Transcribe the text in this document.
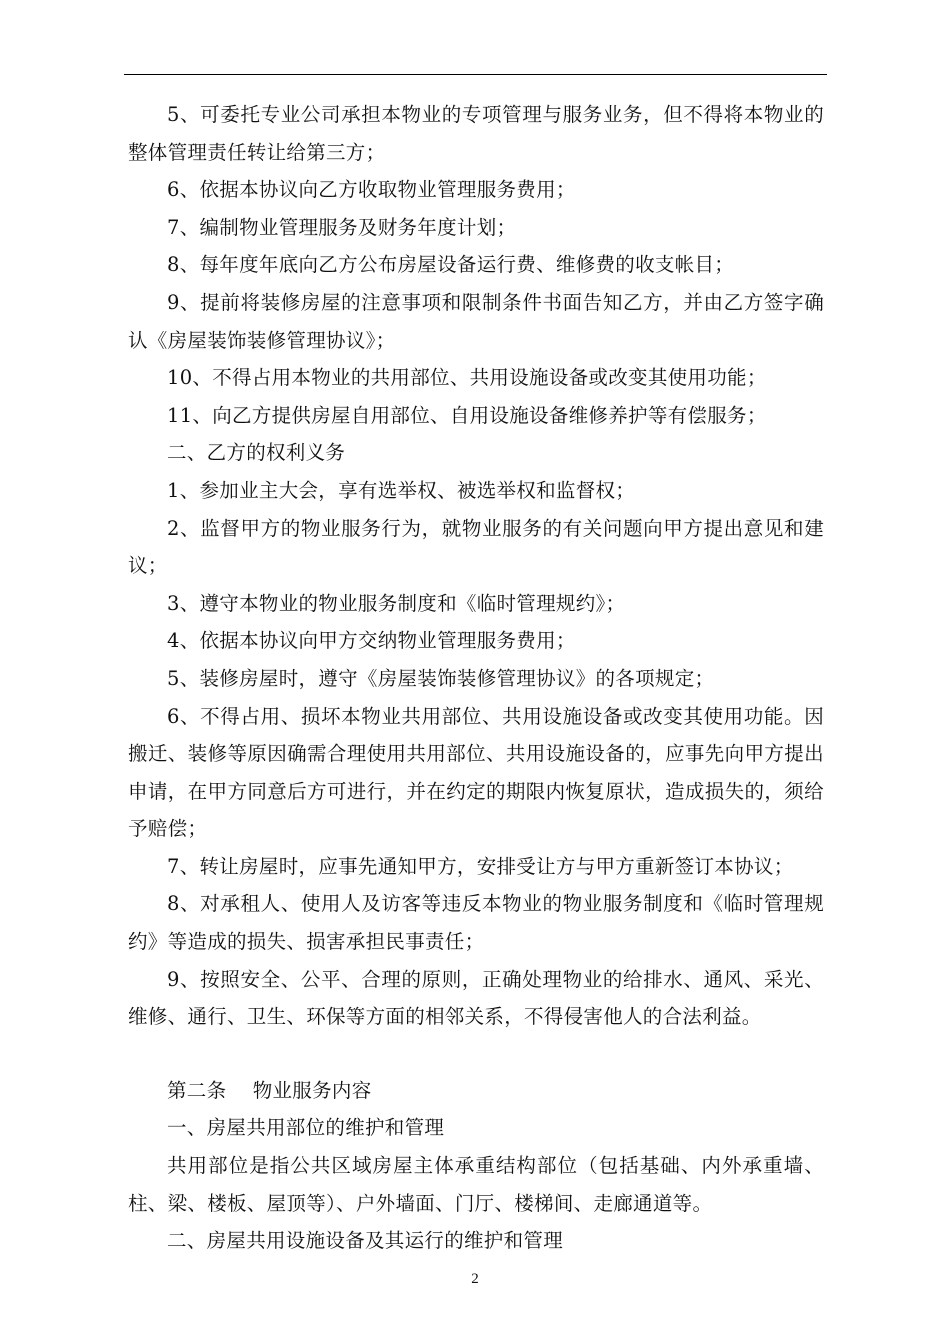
5、可委托专业公司承担本物业的专项管理与服务业务，但不得将本物业的整体管理责任转让给第三方；

6、依据本协议向乙方收取物业管理服务费用；

7、编制物业管理服务及财务年度计划；

8、每年度年底向乙方公布房屋设备运行费、维修费的收支帐目；

9、提前将装修房屋的注意事项和限制条件书面告知乙方，并由乙方签字确认《房屋装饰装修管理协议》；

10、不得占用本物业的共用部位、共用设施设备或改变其使用功能；

11、向乙方提供房屋自用部位、自用设施设备维修养护等有偿服务；

二、乙方的权利义务

1、参加业主大会，享有选举权、被选举权和监督权；

2、监督甲方的物业服务行为，就物业服务的有关问题向甲方提出意见和建议；

3、遵守本物业的物业服务制度和《临时管理规约》；

4、依据本协议向甲方交纳物业管理服务费用；

5、装修房屋时，遵守《房屋装饰装修管理协议》的各项规定；

6、不得占用、损坏本物业共用部位、共用设施设备或改变其使用功能。因搬迁、装修等原因确需合理使用共用部位、共用设施设备的，应事先向甲方提出申请，在甲方同意后方可进行，并在约定的期限内恢复原状，造成损失的，须给予赔偿；

7、转让房屋时，应事先通知甲方，安排受让方与甲方重新签订本协议；

8、对承租人、使用人及访客等违反本物业的物业服务制度和《临时管理规约》等造成的损失、损害承担民事责任；

9、按照安全、公平、合理的原则，正确处理物业的给排水、通风、采光、维修、通行、卫生、环保等方面的相邻关系，不得侵害他人的合法利益。

第二条　 物业服务内容

一、房屋共用部位的维护和管理

共用部位是指公共区域房屋主体承重结构部位（包括基础、内外承重墙、柱、梁、楼板、屋顶等）、户外墙面、门厅、楼梯间、走廊通道等。

二、房屋共用设施设备及其运行的维护和管理

2
